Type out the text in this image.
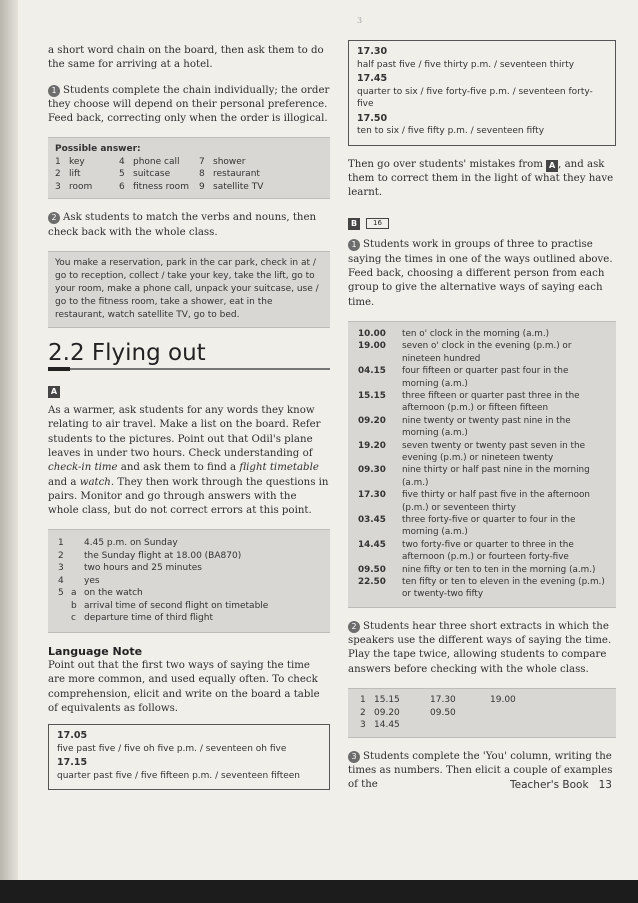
3

a short word chain on the board, then ask them to do the same for arriving at a hotel.

1 Students complete the chain individually; the order they choose will depend on their personal preference. Feed back, correcting only when the order is illogical.

Possible answer:
1 key	4 phone call	7 shower
2 lift	5 suitcase	8 restaurant
3 room	6 fitness room	9 satellite TV

2 Ask students to match the verbs and nouns, then check back with the whole class.

You make a reservation, park in the car park, check in at / go to reception, collect / take your key, take the lift, go to your room, make a phone call, unpack your suitcase, use / go to the fitness room, take a shower, eat in the restaurant, watch satellite TV, go to bed.

2.2 Flying out
A

As a warmer, ask students for any words they know relating to air travel. Make a list on the board. Refer students to the pictures. Point out that Odil's plane leaves in under two hours. Check understanding of check-in time and ask them to find a flight timetable and a watch. They then work through the questions in pairs. Monitor and go through answers with the whole class, but do not correct errors at this point.

1	4.45 p.m. on Sunday
2	the Sunday flight at 18.00 (BA870)
3	two hours and 25 minutes
4	yes
5 a on the watch
b arrival time of second flight on timetable
c departure time of third flight
Language Note

Point out that the first two ways of saying the time are more common, and used equally often. To check comprehension, elicit and write on the board a table of equivalents as follows.

17.05
five past five / five oh five p.m. / seventeen oh five
17.15
quarter past five / five fifteen p.m. / seventeen fifteen
17.30
half past five / five thirty p.m. / seventeen thirty
17.45
quarter to six / five forty-five p.m. / seventeen forty-five
17.50
ten to six / five fifty p.m. / seventeen fifty

Then go over students' mistakes from A , and ask them to correct them in the light of what they have learnt.

B 16

1 Students work in groups of three to practise saying the times in one of the ways outlined above. Feed back, choosing a different person from each group to give the alternative ways of saying each time.

10.00	ten o' clock in the morning (a.m.)
19.00	seven o' clock in the evening (p.m.) or nineteen hundred
04.15	four fifteen or quarter past four in the morning (a.m.)
15.15	three fifteen or quarter past three in the afternoon (p.m.) or fifteen fifteen
09.20	nine twenty or twenty past nine in the morning (a.m.)
19.20	seven twenty or twenty past seven in the evening (p.m.) or nineteen twenty
09.30	nine thirty or half past nine in the morning (a.m.)
17.30	five thirty or half past five in the afternoon (p.m.) or seventeen thirty
03.45	three forty-five or quarter to four in the morning (a.m.)
14.45	two forty-five or quarter to three in the afternoon (p.m.) or fourteen forty-five
09.50	nine fifty or ten to ten in the morning (a.m.)
22.50	ten fifty or ten to eleven in the evening (p.m.) or twenty-two fifty

2 Students hear three short extracts in which the speakers use the different ways of saying the time. Play the tape twice, allowing students to compare answers before checking with the whole class.

1 15.15	17.30	19.00
2 09.20	09.50
3 14.45

3 Students complete the 'You' column, writing the times as numbers. Then elicit a couple of examples of the	Teacher's Book 13
